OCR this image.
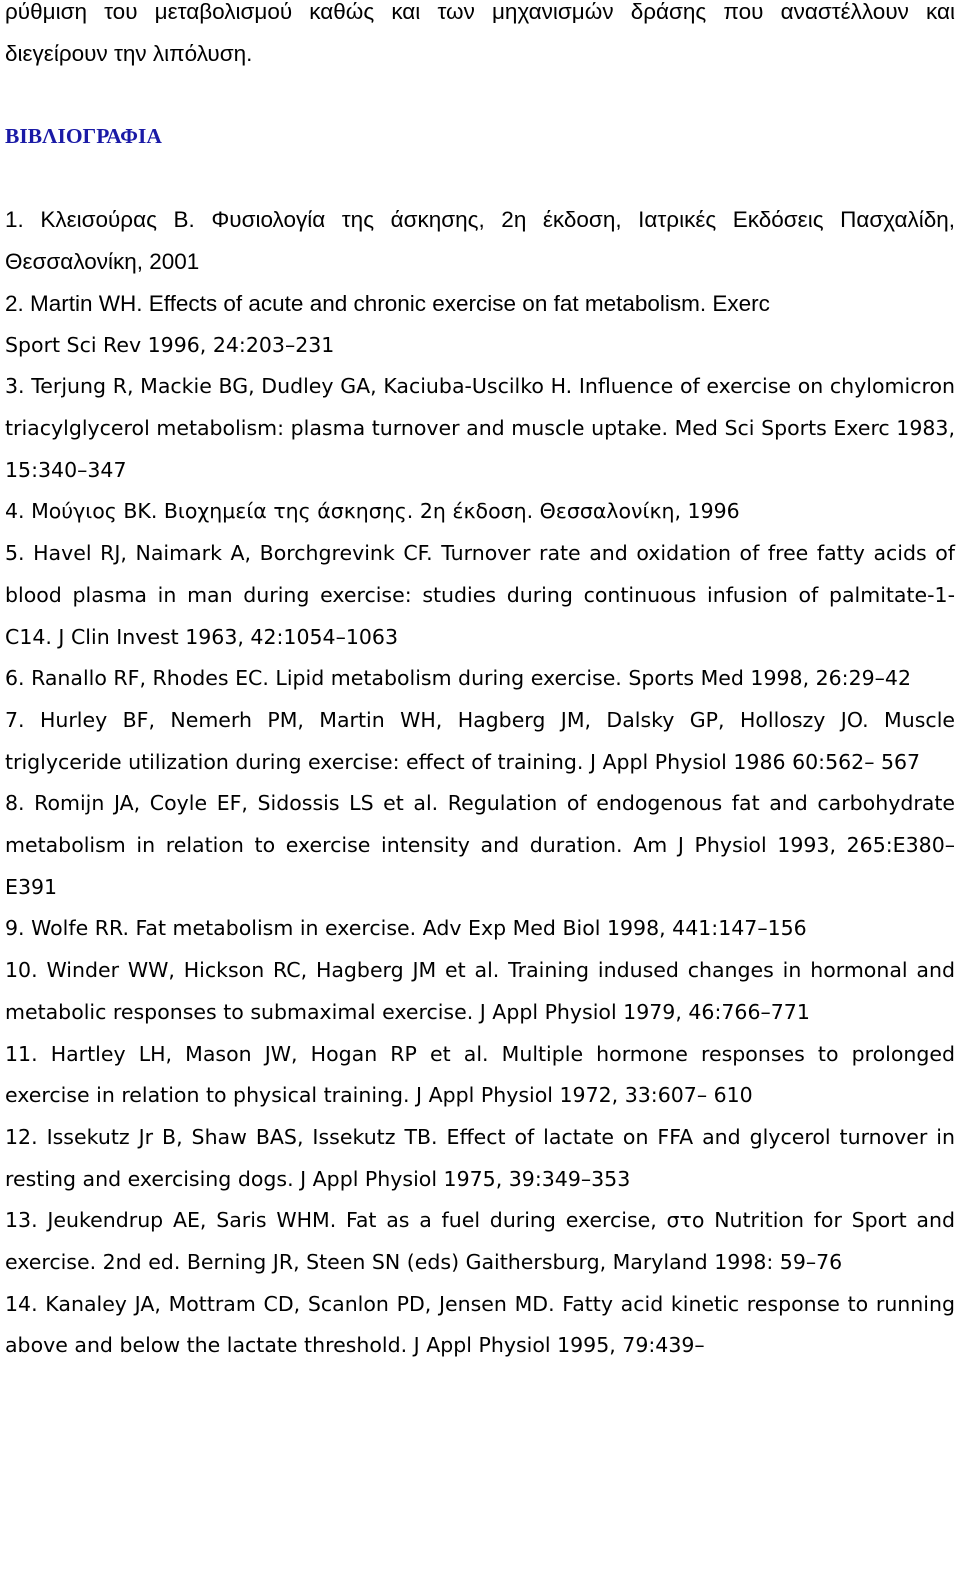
ρύθμιση του μεταβολισμού καθώς και των μηχανισμών δράσης που αναστέλλουν και διεγείρουν την λιπόλυση.

ΒΙΒΛΙΟΓΡΑΦΙΑ

1. Κλεισούρας Β. Φυσιολογία της άσκησης, 2η έκδοση, Ιατρικές Εκδόσεις Πασχαλίδη, Θεσσαλονίκη, 2001

2. Martin WH. Effects of acute and chronic exercise on fat metabolism. Exerc

Sport Sci Rev 1996, 24:203–231

3. Terjung R, Mackie BG, Dudley GA, Kaciuba-Uscilko H. Influence of exercise on chylomicron triacylglycerol metabolism: plasma turnover and muscle uptake. Med Sci Sports Exerc 1983, 15:340–347

4. Μούγιος ΒΚ. Βιοχημεία της άσκησης. 2η έκδοση. Θεσσαλονίκη, 1996

5. Havel RJ, Naimark A, Borchgrevink CF. Turnover rate and oxidation of free fatty acids of blood plasma in man during exercise: studies during continuous infusion of palmitate-1-C14. J Clin Invest 1963, 42:1054–1063

6. Ranallo RF, Rhodes EC. Lipid metabolism during exercise. Sports Med 1998, 26:29–42

7. Hurley BF, Nemerh PM, Martin WH, Hagberg JM, Dalsky GP, Holloszy JO. Muscle triglyceride utilization during exercise: effect of training. J Appl Physiol 1986 60:562– 567

8. Romijn JA, Coyle EF, Sidossis LS et al. Regulation of endogenous fat and carbohydrate metabolism in relation to exercise intensity and duration. Am J Physiol 1993, 265:E380–E391

9. Wolfe RR. Fat metabolism in exercise. Adv Exp Med Biol 1998, 441:147–156

10. Winder WW, Hickson RC, Hagberg JM et al. Training indused changes in hormonal and metabolic responses to submaximal exercise. J Appl Physiol 1979, 46:766–771

11. Hartley LH, Mason JW, Hogan RP et al. Multiple hormone responses to prolonged exercise in relation to physical training. J Appl Physiol 1972, 33:607– 610

12. Issekutz Jr B, Shaw BAS, Issekutz TB. Effect of lactate on FFA and glycerol turnover in resting and exercising dogs. J Appl Physiol 1975, 39:349–353

13. Jeukendrup AE, Saris WHM. Fat as a fuel during exercise, στο Nutrition for Sport and exercise. 2nd ed. Berning JR, Steen SN (eds) Gaithersburg, Maryland 1998: 59–76

14. Kanaley JA, Mottram CD, Scanlon PD, Jensen MD. Fatty acid kinetic response to running above and below the lactate threshold. J Appl Physiol 1995, 79:439–
